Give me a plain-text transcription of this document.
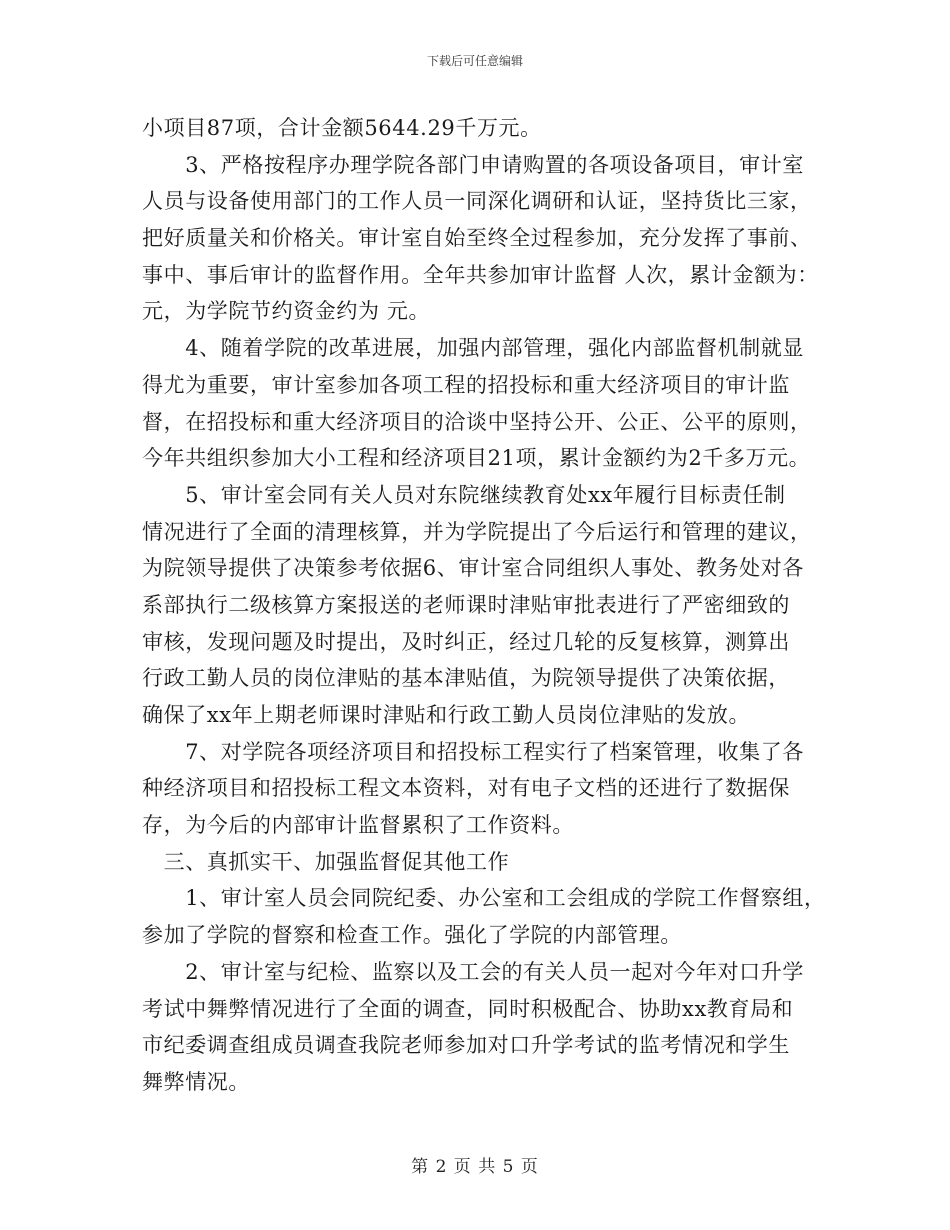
下载后可任意编辑
小项目87项，合计金额5644.29千万元。
　　3、严格按程序办理学院各部门申请购置的各项设备项目，审计室
人员与设备使用部门的工作人员一同深化调研和认证，坚持货比三家，
把好质量关和价格关。审计室自始至终全过程参加，充分发挥了事前、
事中、事后审计的监督作用。全年共参加审计监督 人次，累计金额为：
元，为学院节约资金约为 元。
　　4、随着学院的改革进展，加强内部管理，强化内部监督机制就显
得尤为重要，审计室参加各项工程的招投标和重大经济项目的审计监
督，在招投标和重大经济项目的洽谈中坚持公开、公正、公平的原则，
今年共组织参加大小工程和经济项目21项，累计金额约为2千多万元。
　　5、审计室会同有关人员对东院继续教育处xx年履行目标责任制
情况进行了全面的清理核算，并为学院提出了今后运行和管理的建议，
为院领导提供了决策参考依据6、审计室合同组织人事处、教务处对各
系部执行二级核算方案报送的老师课时津贴审批表进行了严密细致的
审核，发现问题及时提出，及时纠正，经过几轮的反复核算，测算出
行政工勤人员的岗位津贴的基本津贴值，为院领导提供了决策依据，
确保了xx年上期老师课时津贴和行政工勤人员岗位津贴的发放。
　　7、对学院各项经济项目和招投标工程实行了档案管理，收集了各
种经济项目和招投标工程文本资料，对有电子文档的还进行了数据保
存，为今后的内部审计监督累积了工作资料。
　三、真抓实干、加强监督促其他工作
　　1、审计室人员会同院纪委、办公室和工会组成的学院工作督察组，
参加了学院的督察和检查工作。强化了学院的内部管理。
　　2、审计室与纪检、监察以及工会的有关人员一起对今年对口升学
考试中舞弊情况进行了全面的调查，同时积极配合、协助xx教育局和
市纪委调查组成员调查我院老师参加对口升学考试的监考情况和学生
舞弊情况。
第 2 页 共 5 页
